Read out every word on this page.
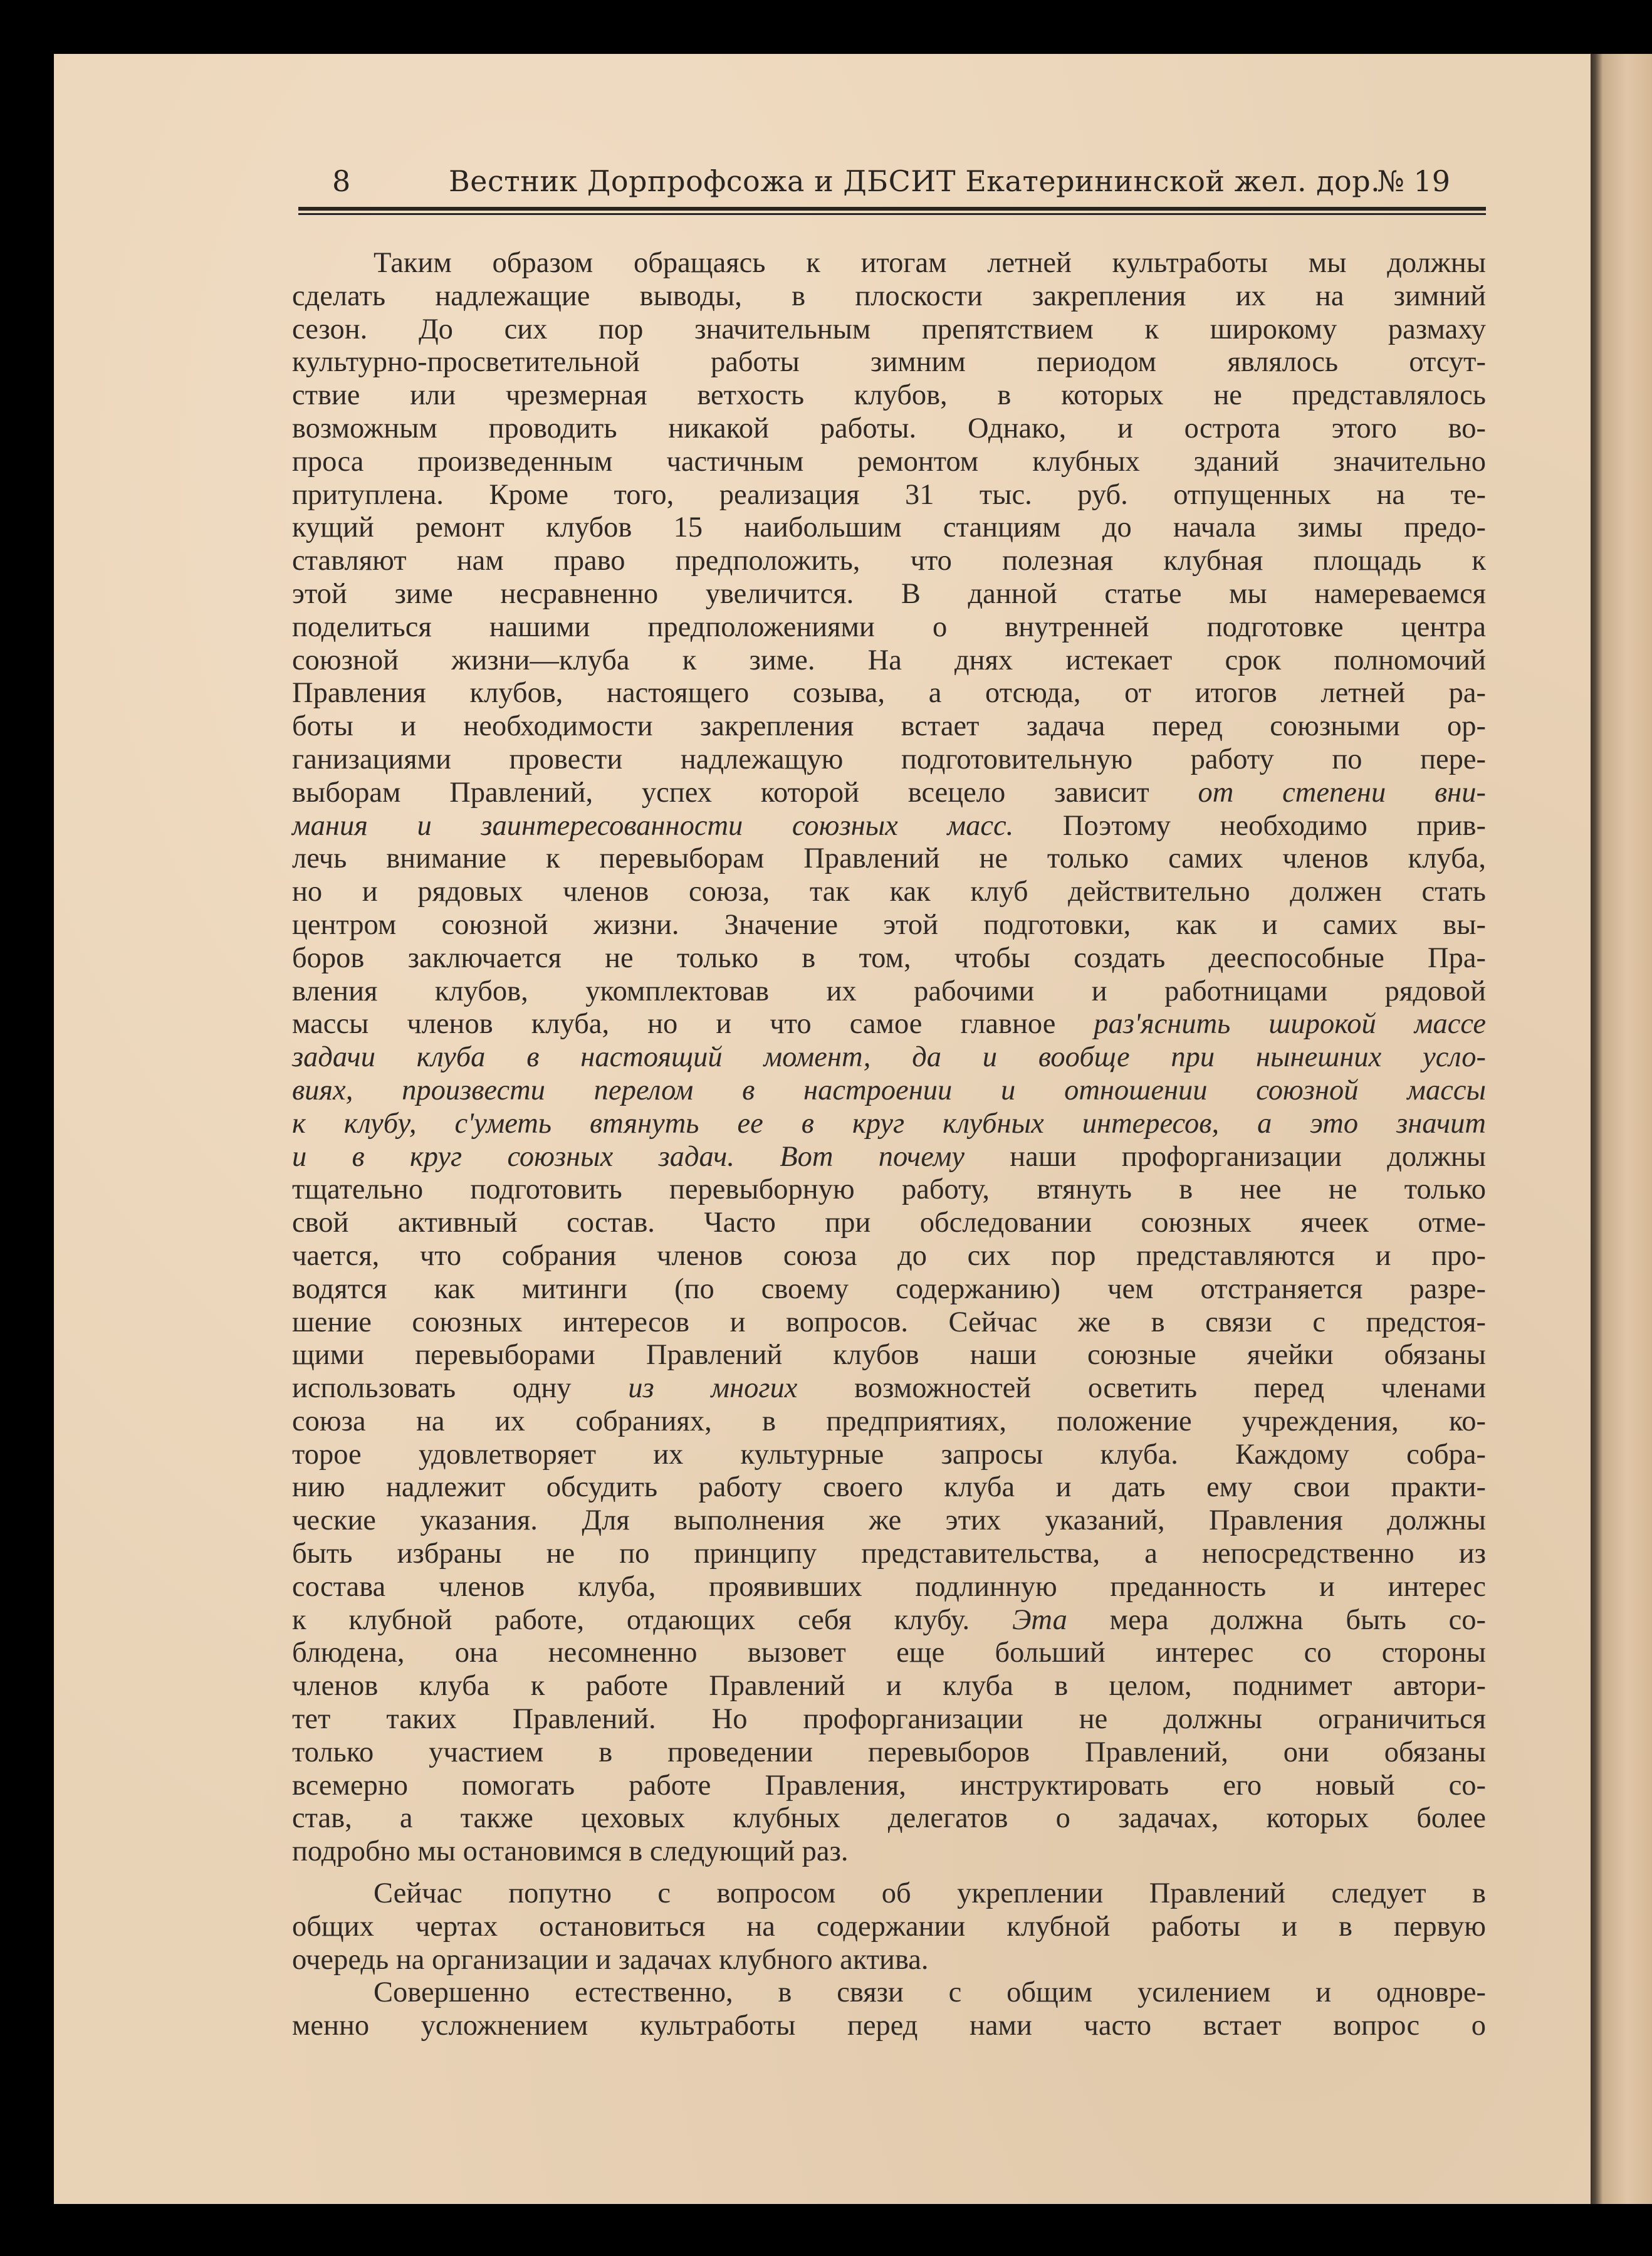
8	Вестник Дорпрофсожа и ДБСИТ Екатерининской жел. дор.
№ 19
Таким образом обращаясь к итогам летней культработы мы должны
сделать надлежащие выводы, в плоскости закрепления их на зимний
сезон. До сих пор значительным препятствием к широкому размаху
культурно-просветительной работы зимним периодом являлось отсут-
ствие или чрезмерная ветхость клубов, в которых не представлялось
возможным проводить никакой работы. Однако, и острота этого во-
проса произведенным частичным ремонтом клубных зданий значительно
притуплена. Кроме того, реализация 31 тыс. руб. отпущенных на те-
кущий ремонт клубов 15 наибольшим станциям до начала зимы предо-
ставляют нам право предположить, что полезная клубная площадь к
этой зиме несравненно увеличится. В данной статье мы намереваемся
поделиться нашими предположениями о внутренней подготовке центра
союзной жизни—клуба к зиме. На днях истекает срок полномочий
Правления клубов, настоящего созыва, а отсюда, от итогов летней ра-
боты и необходимости закрепления встает задача перед союзными ор-
ганизациями провести надлежащую подготовительную работу по пере-
выборам Правлений, успех которой всецело зависит от степени вни-
мания и заинтересованности союзных масс. Поэтому необходимо прив-
лечь внимание к перевыборам Правлений не только самих членов клуба,
но и рядовых членов союза, так как клуб действительно должен стать
центром союзной жизни. Значение этой подготовки, как и самих вы-
боров заключается не только в том, чтобы создать дееспособные Пра-
вления клубов, укомплектовав их рабочими и работницами рядовой
массы членов клуба, но и что самое главное раз'яснить широкой массе
задачи клуба в настоящий момент, да и вообще при нынешних усло-
виях, произвести перелом в настроении и отношении союзной массы
к клубу, с'уметь втянуть ее в круг клубных интересов, а это значит
и в круг союзных задач. Вот почему наши профорганизации должны
тщательно подготовить перевыборную работу, втянуть в нее не только
свой активный состав. Часто при обследовании союзных ячеек отме-
чается, что собрания членов союза до сих пор представляются и про-
водятся как митинги (по своему содержанию) чем отстраняется разре-
шение союзных интересов и вопросов. Сейчас же в связи с предстоя-
щими перевыборами Правлений клубов наши союзные ячейки обязаны
использовать одну из многих возможностей осветить перед членами
союза на их собраниях, в предприятиях, положение учреждения, ко-
торое удовлетворяет их культурные запросы клуба. Каждому собра-
нию надлежит обсудить работу своего клуба и дать ему свои практи-
ческие указания. Для выполнения же этих указаний, Правления должны
быть избраны не по принципу представительства, а непосредственно из
состава членов клуба, проявивших подлинную преданность и интерес
к клубной работе, отдающих себя клубу. Эта мера должна быть со-
блюдена, она несомненно вызовет еще больший интерес со стороны
членов клуба к работе Правлений и клуба в целом, поднимет автори-
тет таких Правлений. Но профорганизации не должны ограничиться
только участием в проведении перевыборов Правлений, они обязаны
всемерно помогать работе Правления, инструктировать его новый со-
став, а также цеховых клубных делегатов о задачах, которых более
подробно мы остановимся в следующий раз.
Сейчас попутно с вопросом об укреплении Правлений следует в
общих чертах остановиться на содержании клубной работы и в первую
очередь на организации и задачах клубного актива.
Совершенно естественно, в связи с общим усилением и одновре-
менно усложнением культработы перед нами часто встает вопрос о
